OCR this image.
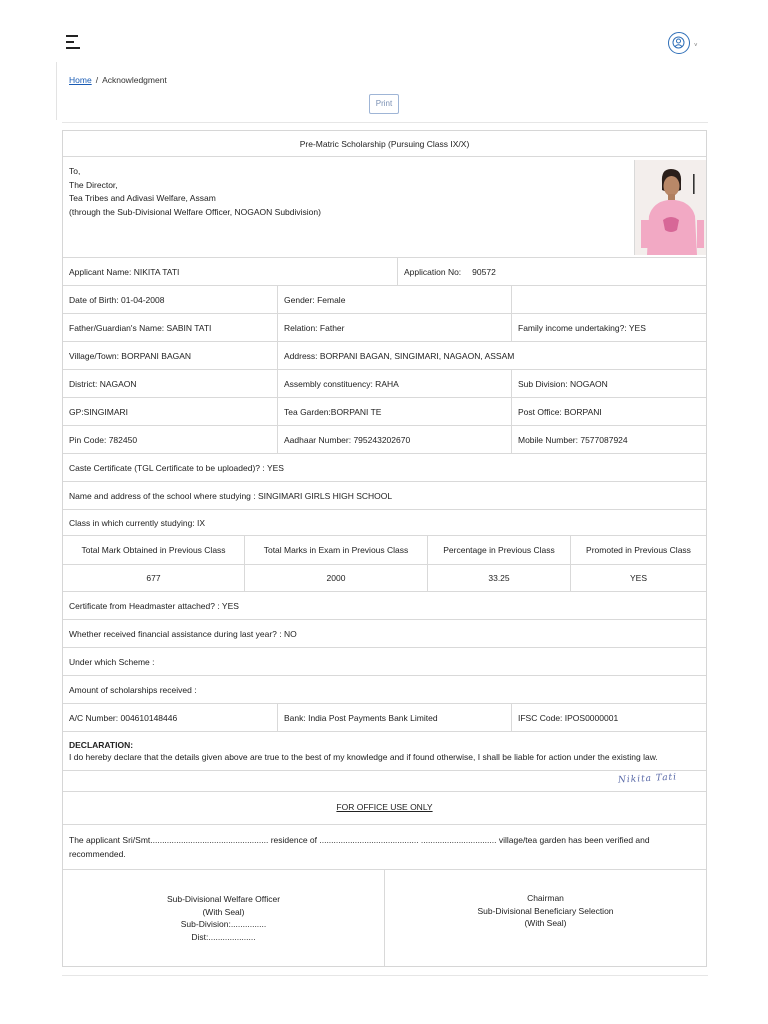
˅
Home / Acknowledgment
Print
Pre-Matric Scholarship (Pursuing Class IX/X)
To,
The Director,
Tea Tribes and Adivasi Welfare, Assam
(through the Sub-Divisional Welfare Officer, NOGAON Subdivision)
Applicant Name: NIKITA TATI	Application No: 90572
Date of Birth: 01-04-2008	Gender: Female
Father/Guardian's Name: SABIN TATI	Relation: Father	Family income undertaking?: YES
Village/Town: BORPANI BAGAN	Address: BORPANI BAGAN, SINGIMARI, NAGAON, ASSAM
District: NAGAON	Assembly constituency: RAHA	Sub Division: NOGAON
GP:SINGIMARI	Tea Garden:BORPANI TE	Post Office: BORPANI
Pin Code: 782450	Aadhaar Number: 795243202670	Mobile Number: 7577087924
Caste Certificate (TGL Certificate to be uploaded)? : YES
Name and address of the school where studying : SINGIMARI GIRLS HIGH SCHOOL
Class in which currently studying: IX
Total Mark Obtained in Previous Class	Total Marks in Exam in Previous Class	Percentage in Previous Class	Promoted in Previous Class
677	2000	33.25	YES
Certificate from Headmaster attached? : YES
Whether received financial assistance during last year? : NO
Under which Scheme :
Amount of scholarships received :
A/C Number: 004610148446	Bank: India Post Payments Bank Limited	IFSC Code: IPOS0000001
DECLARATION:
I do hereby declare that the details given above are true to the best of my knowledge and if found otherwise, I shall be liable for action under the existing law.
Nikita Tati
FOR OFFICE USE ONLY
The applicant Sri/Smt.................................................. residence of .......................................... ................................ village/tea garden has been verified and recommended.
Sub-Divisional Welfare Officer
(With Seal)
Sub-Division:...............
Dist:....................
Chairman
Sub-Divisional Beneficiary Selection
(With Seal)
